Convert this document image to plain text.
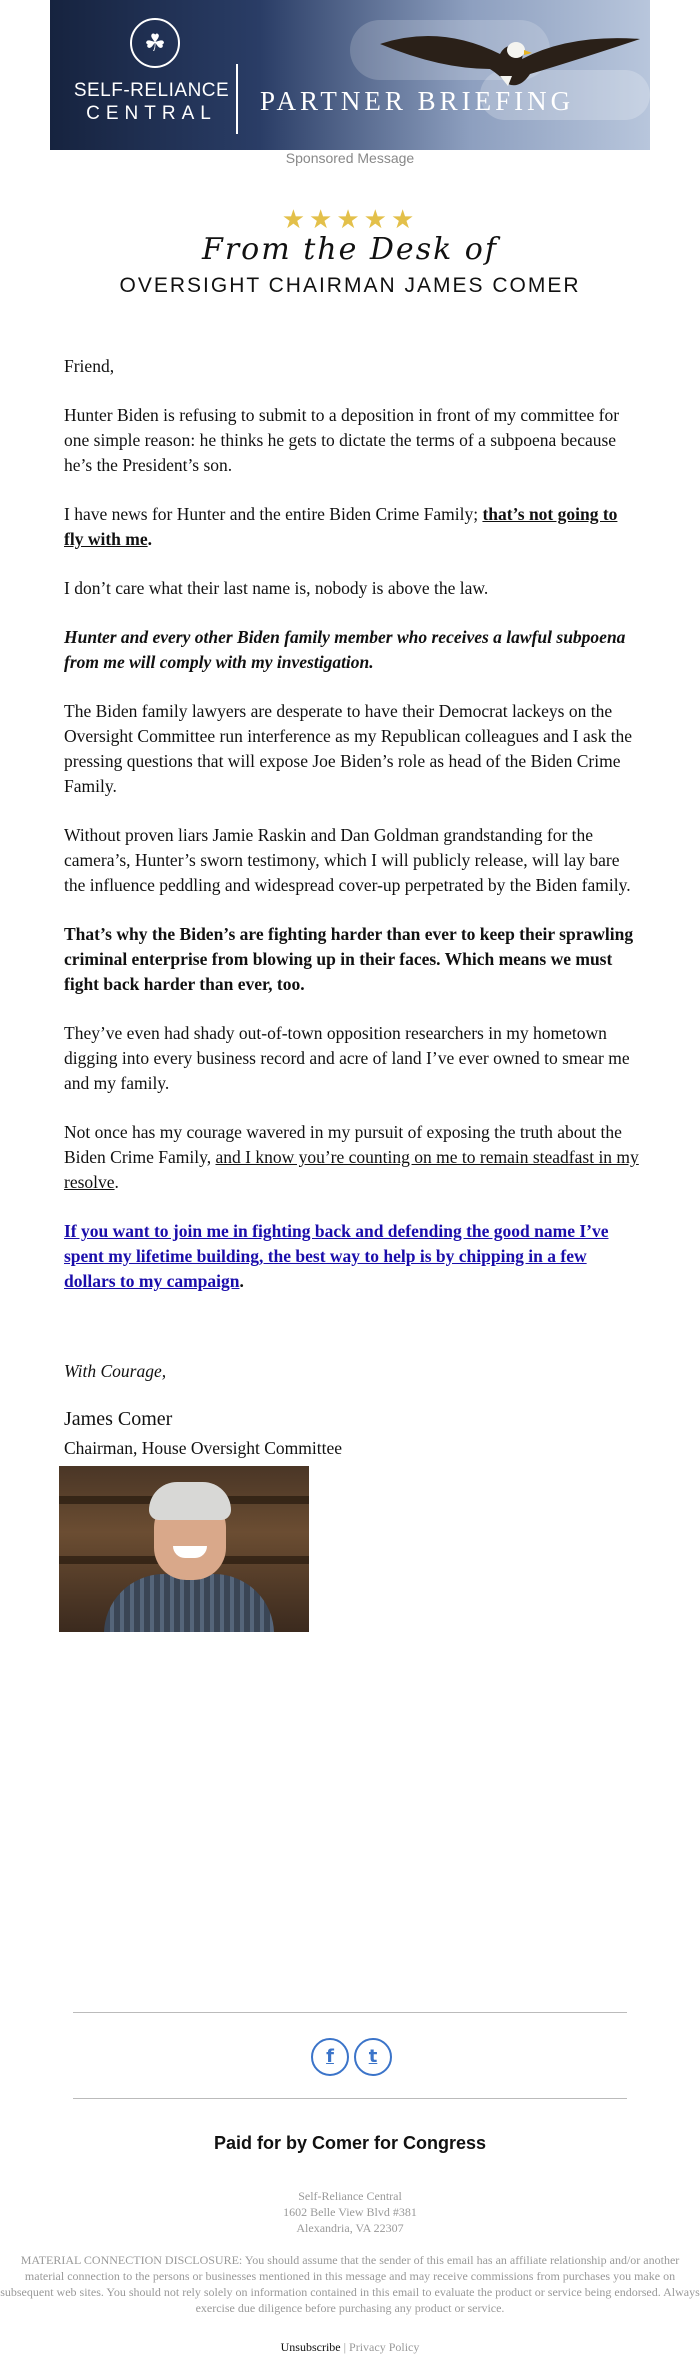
☘
SELF-RELIANCE
CENTRAL	PARTNER BRIEFING
Sponsored Message
★★★★★
From the Desk of
OVERSIGHT CHAIRMAN JAMES COMER

Friend,

Hunter Biden is refusing to submit to a deposition in front of my committee for one simple reason: he thinks he gets to dictate the terms of a subpoena because he’s the President’s son.

I have news for Hunter and the entire Biden Crime Family; that’s not going to fly with me.

I don’t care what their last name is, nobody is above the law.

Hunter and every other Biden family member who receives a lawful subpoena from me will comply with my investigation.

The Biden family lawyers are desperate to have their Democrat lackeys on the Oversight Committee run interference as my Republican colleagues and I ask the pressing questions that will expose Joe Biden’s role as head of the Biden Crime Family.

Without proven liars Jamie Raskin and Dan Goldman grandstanding for the camera’s, Hunter’s sworn testimony, which I will publicly release, will lay bare the influence peddling and widespread cover-up perpetrated by the Biden family.

That’s why the Biden’s are fighting harder than ever to keep their sprawling criminal enterprise from blowing up in their faces. Which means we must fight back harder than ever, too.

They’ve even had shady out-of-town opposition researchers in my hometown digging into every business record and acre of land I’ve ever owned to smear me and my family.

Not once has my courage wavered in my pursuit of exposing the truth about the Biden Crime Family, and I know you’re counting on me to remain steadfast in my resolve.

If you want to join me in fighting back and defending the good name I’ve spent my lifetime building, the best way to help is by chipping in a few dollars to my campaign.

With Courage,
James Comer
Chairman, House Oversight Committee
f	t
Paid for by Comer for Congress
Self-Reliance Central
1602 Belle View Blvd #381
Alexandria, VA 22307
MATERIAL CONNECTION DISCLOSURE: You should assume that the sender of this email has an affiliate relationship and/or another material connection to the persons or businesses mentioned in this message and may receive commissions from purchases you make on subsequent web sites. You should not rely solely on information contained in this email to evaluate the product or service being endorsed. Always exercise due diligence before purchasing any product or service.
Unsubscribe | Privacy Policy
